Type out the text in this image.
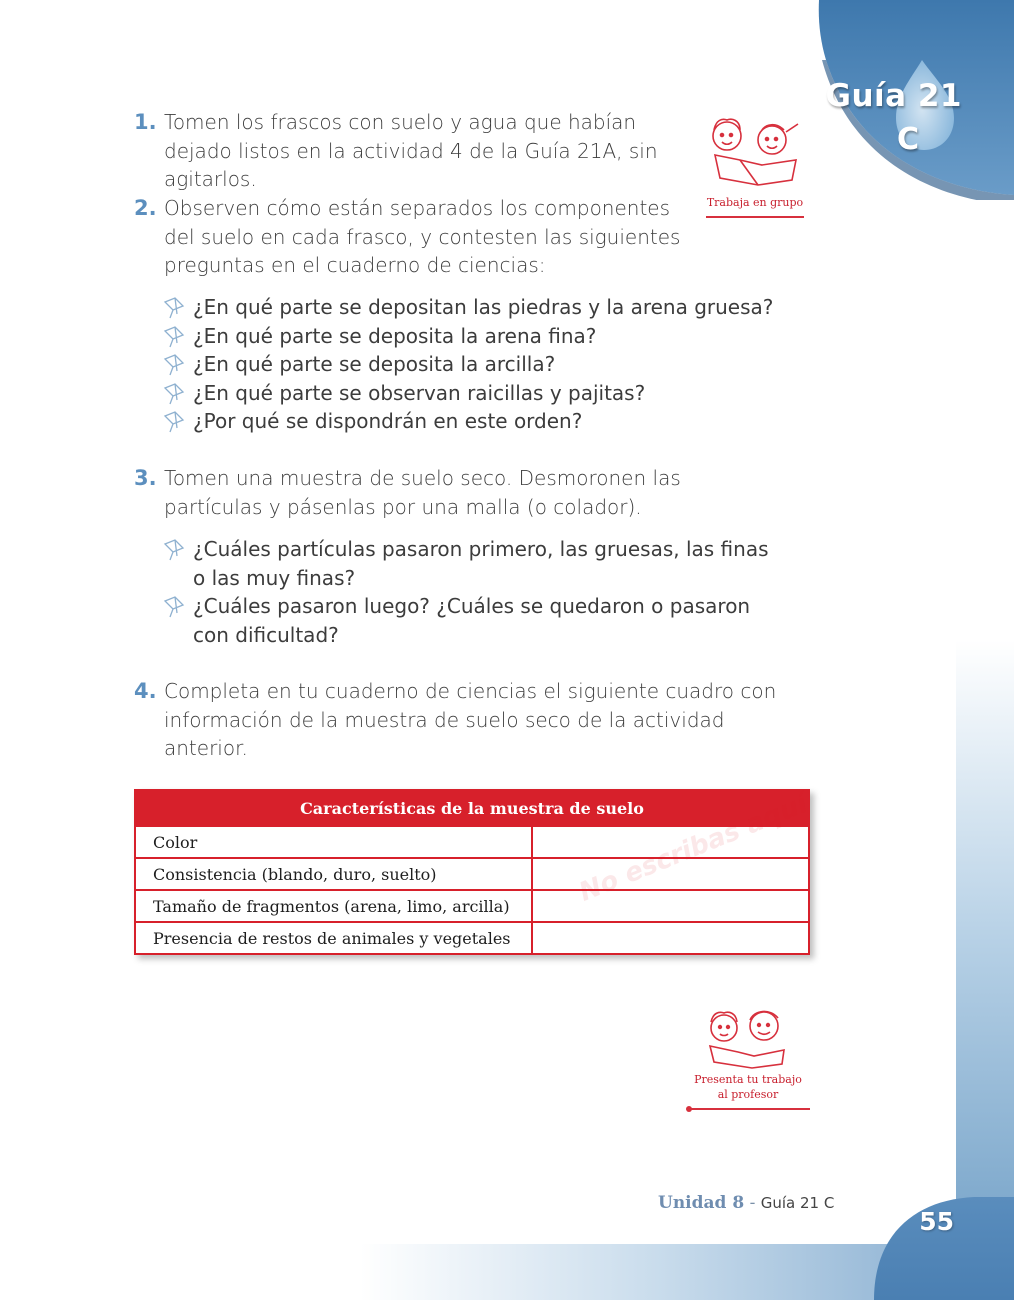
Guía 21
C
1. Tomen los frascos con suelo y agua que habían dejado listos en la actividad 4 de la Guía 21A, sin agitarlos.
2. Observen cómo están separados los componentes del suelo en cada frasco, y contesten las siguientes preguntas en el cuaderno de ciencias:
¿En qué parte se depositan las piedras y la arena gruesa?
¿En qué parte se deposita la arena fina?
¿En qué parte se deposita la arcilla?
¿En qué parte se observan raicillas y pajitas?
¿Por qué se dispondrán en este orden?
3. Tomen una muestra de suelo seco. Desmoronen las partículas y pásenlas por una malla (o colador).
¿Cuáles partículas pasaron primero, las gruesas, las finas o las muy finas?
¿Cuáles pasaron luego? ¿Cuáles se quedaron o pasaron con dificultad?
4. Completa en tu cuaderno de ciencias el siguiente cuadro con información de la muestra de suelo seco de la actividad anterior.
Trabaja en grupo
Características de la muestra de suelo	
Color	
Consistencia (blando, duro, suelto)	
Tamaño de fragmentos (arena, limo, arcilla)	
Presencia de restos de animales y vegetales	
Presenta tu trabajo
al profesor
Unidad 8 - Guía 21 C
55
